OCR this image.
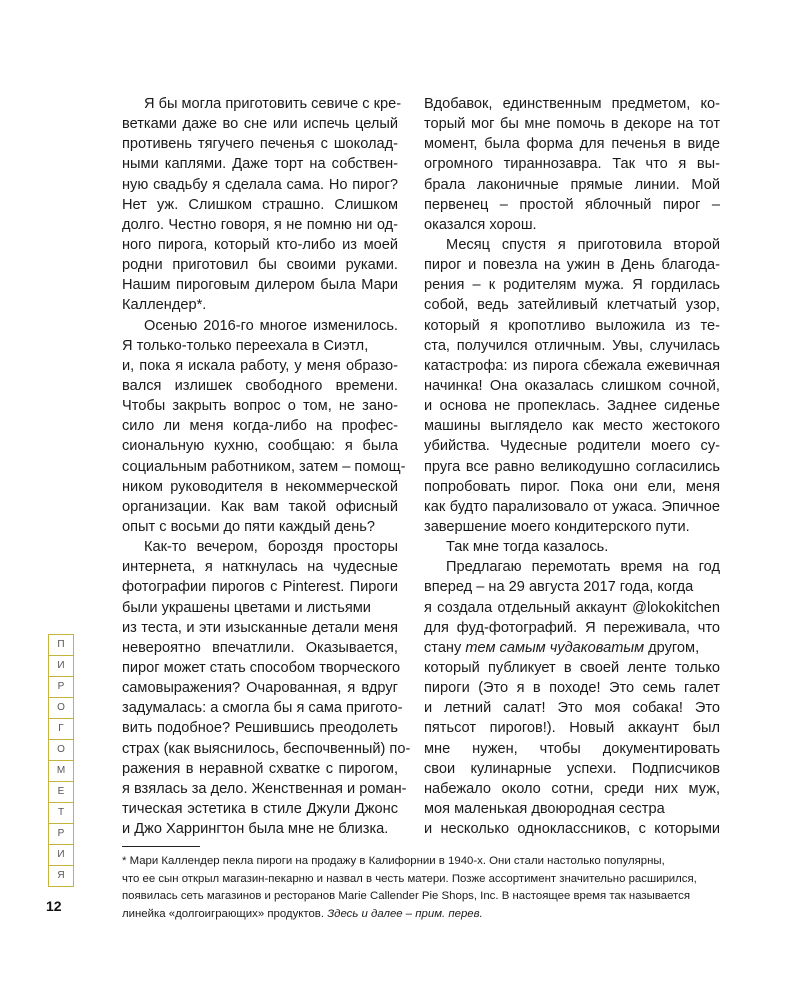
Я бы могла приготовить севиче с кре-
ветками даже во сне или испечь целый
противень тягучего печенья с шоколад-
ными каплями. Даже торт на собствен-
ную свадьбу я сделала сама. Но пирог?
Нет уж. Слишком страшно. Слишком
долго. Честно говоря, я не помню ни од-
ного пирога, который кто-либо из моей
родни приготовил бы своими руками.
Нашим пироговым дилером была Мари
Каллендер*.
Осенью 2016-го многое изменилось.
Я только-только переехала в Сиэтл,
и, пока я искала работу, у меня образо-
вался излишек свободного времени.
Чтобы закрыть вопрос о том, не зано-
сило ли меня когда-либо на профес-
сиональную кухню, сообщаю: я была
социальным работником, затем – помощ-
ником руководителя в некоммерческой
организации. Как вам такой офисный
опыт с восьми до пяти каждый день?
Как-то вечером, бороздя просторы
интернета, я наткнулась на чудесные
фотографии пирогов с Pinterest. Пироги
были украшены цветами и листьями
из теста, и эти изысканные детали меня
невероятно впечатлили. Оказывается,
пирог может стать способом творческого
самовыражения? Очарованная, я вдруг
задумалась: а смогла бы я сама пригото-
вить подобное? Решившись преодолеть
страх (как выяснилось, беспочвенный) по-
ражения в неравной схватке с пирогом,
я взялась за дело. Женственная и роман-
тическая эстетика в стиле Джули Джонс
и Джо Харрингтон была мне не близка.
Вдобавок, единственным предметом, ко-
торый мог бы мне помочь в декоре на тот
момент, была форма для печенья в виде
огромного тираннозавра. Так что я вы-
брала лаконичные прямые линии. Мой
первенец – простой яблочный пирог –
оказался хорош.
Месяц спустя я приготовила второй
пирог и повезла на ужин в День благода-
рения – к родителям мужа. Я гордилась
собой, ведь затейливый клетчатый узор,
который я кропотливо выложила из те-
ста, получился отличным. Увы, случилась
катастрофа: из пирога сбежала ежевичная
начинка! Она оказалась слишком сочной,
и основа не пропеклась. Заднее сиденье
машины выглядело как место жестокого
убийства. Чудесные родители моего су-
пруга все равно великодушно согласились
попробовать пирог. Пока они ели, меня
как будто парализовало от ужаса. Эпичное
завершение моего кондитерского пути.
Так мне тогда казалось.
Предлагаю перемотать время на год
вперед – на 29 августа 2017 года, когда
я создала отдельный аккаунт @lokokitchen
для фуд-фотографий. Я переживала, что
стану тем самым чудаковатым другом,
который публикует в своей ленте только
пироги (Это я в походе! Это семь галет
и летний салат! Это моя собака! Это
пятьсот пирогов!). Новый аккаунт был
мне нужен, чтобы документировать
свои кулинарные успехи. Подписчиков
набежало около сотни, среди них муж,
моя маленькая двоюродная сестра
и несколько одноклассников, с которыми
* Мари Каллендер пекла пироги на продажу в Калифорнии в 1940-х. Они стали настолько популярны,
что ее сын открыл магазин-пекарню и назвал в честь матери. Позже ассортимент значительно расширился,
появилась сеть магазинов и ресторанов Marie Callender Pie Shops, Inc. В настоящее время так называется
линейка «долгоиграющих» продуктов. Здесь и далее – прим. перев.
П
И
Р
О
Г
О
М
Е
Т
Р
И
Я
12
